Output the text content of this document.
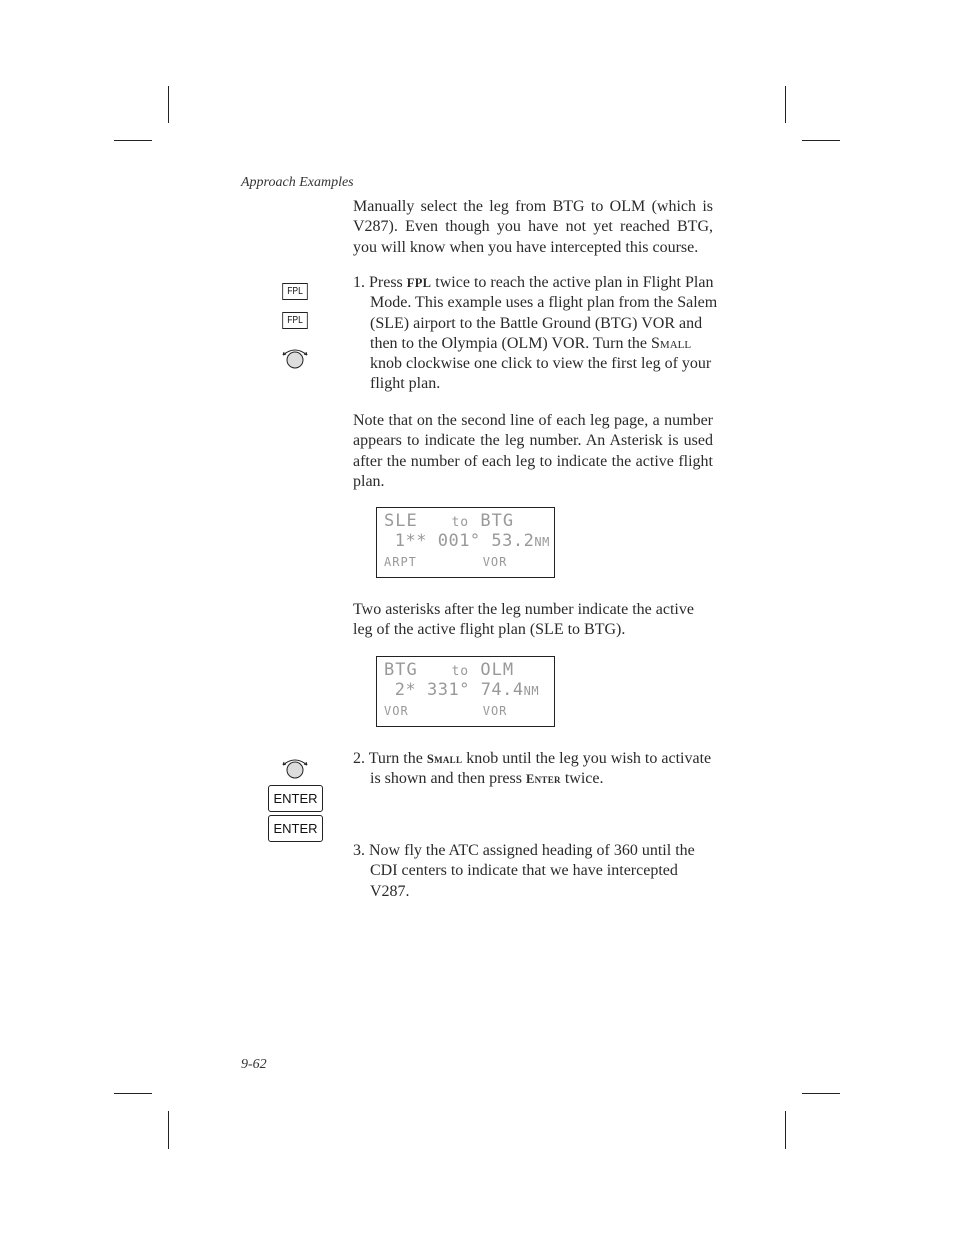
Approach Examples
Manually select the leg from BTG to OLM (which is V287). Even though you have not yet reached BTG, you will know when you have intercepted this course.
FPL
FPL
1. Press FPL twice to reach the active plan in Flight Plan Mode. This example uses a flight plan from the Salem (SLE) airport to the Battle Ground (BTG) VOR and then to the Olympia (OLM) VOR. Turn the Small knob clockwise one click to view the first leg of your flight plan.
Note that on the second line of each leg page, a number appears to indicate the leg number. An Asterisk is used after the number of each leg to indicate the active flight plan.
SLE	to BTG
1** 001° 53.2NM
ARPT	VOR
Two asterisks after the leg number indicate the active leg of the active flight plan (SLE to BTG).
BTG	to OLM
2* 331° 74.4NM
VOR	VOR
ENTER
ENTER
2. Turn the Small knob until the leg you wish to activate is shown and then press Enter twice.
3. Now fly the ATC assigned heading of 360 until the CDI centers to indicate that we have intercepted V287.
9-62
